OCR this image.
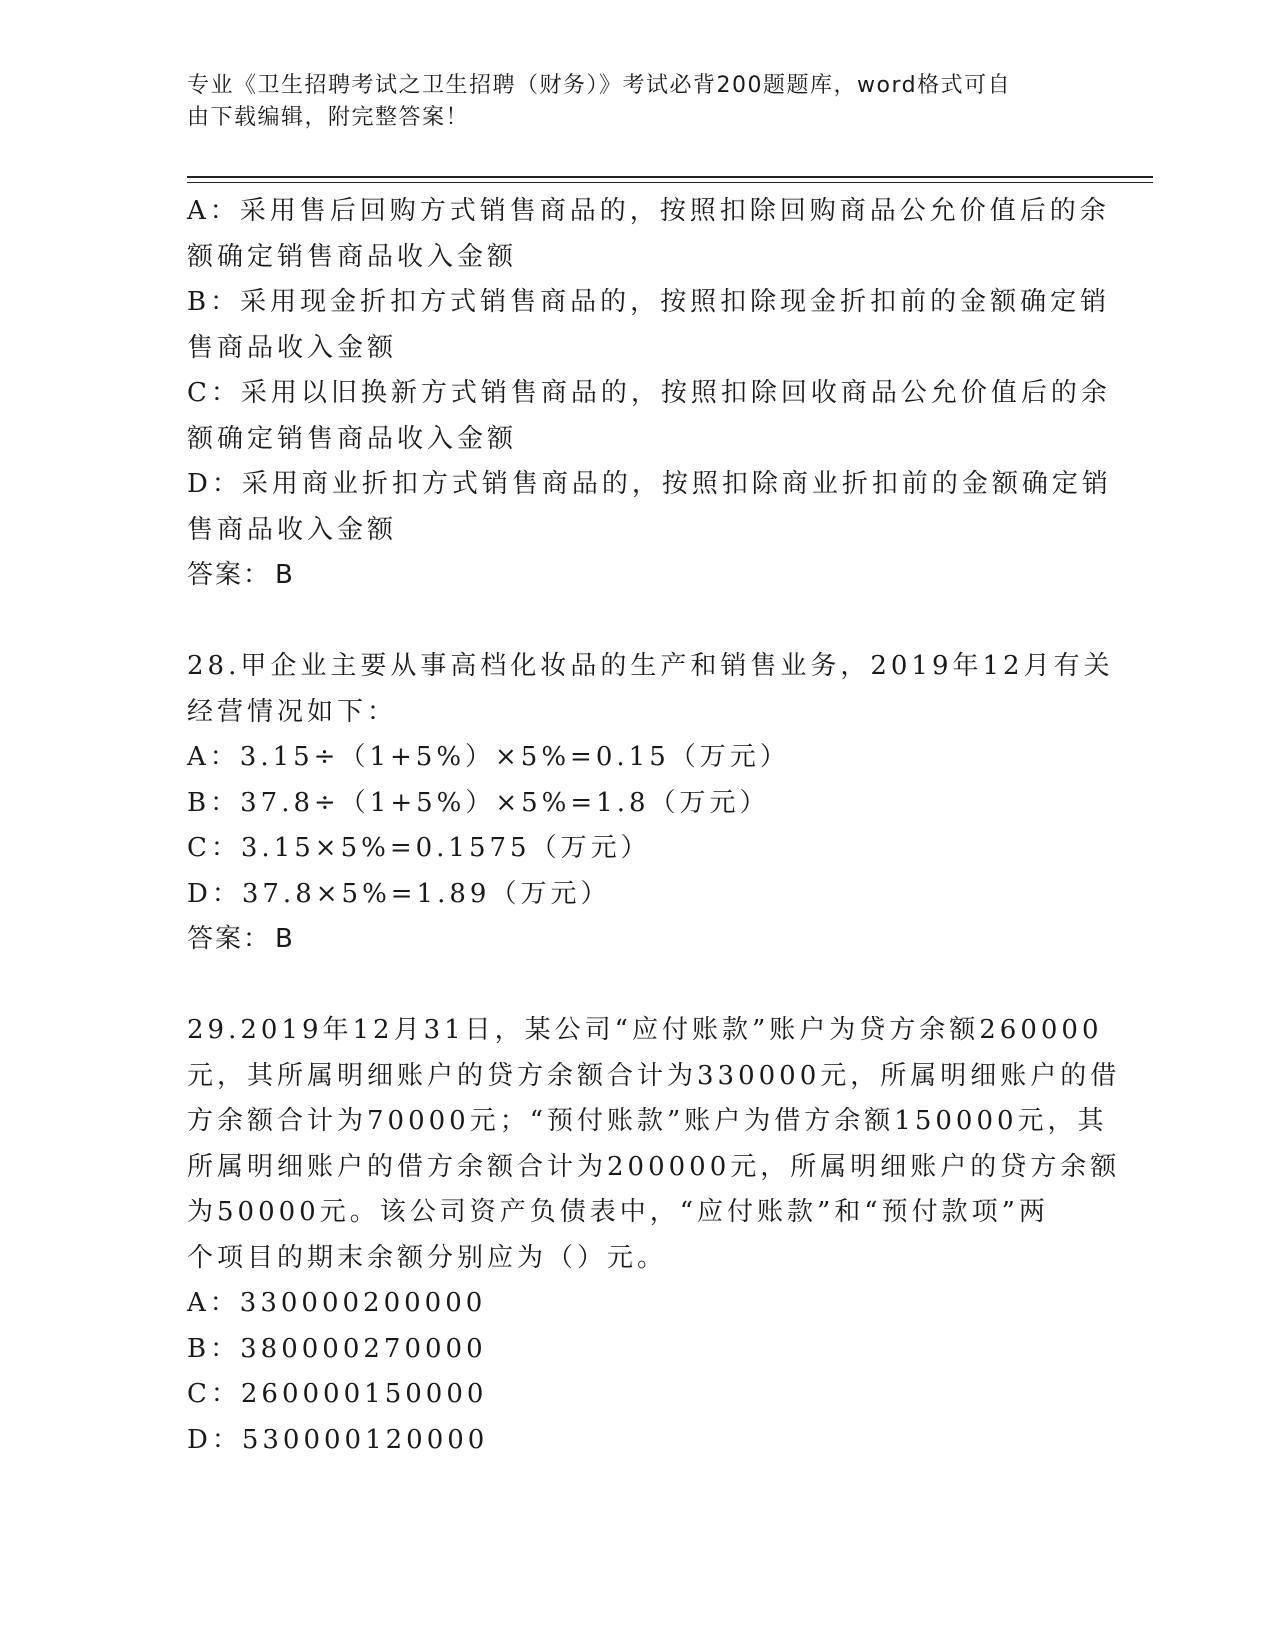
专业《卫生招聘考试之卫生招聘（财务）》考试必背200题题库，word格式可自
由下载编辑，附完整答案！
A：采用售后回购方式销售商品的，按照扣除回购商品公允价值后的余
额确定销售商品收入金额
B：采用现金折扣方式销售商品的，按照扣除现金折扣前的金额确定销
售商品收入金额
C：采用以旧换新方式销售商品的，按照扣除回收商品公允价值后的余
额确定销售商品收入金额
D：采用商业折扣方式销售商品的，按照扣除商业折扣前的金额确定销
售商品收入金额
答案： B
28.甲企业主要从事高档化妆品的生产和销售业务，2019年12月有关
经营情况如下：
A：3.15÷（1+5%）×5%=0.15（万元）
B：37.8÷（1+5%）×5%=1.8（万元）
C：3.15×5%=0.1575（万元）
D：37.8×5%=1.89（万元）
答案： B
29.2019年12月31日，某公司“应付账款”账户为贷方余额260000
元，其所属明细账户的贷方余额合计为330000元，所属明细账户的借
方余额合计为70000元；“预付账款”账户为借方余额150000元，其
所属明细账户的借方余额合计为200000元，所属明细账户的贷方余额
为50000元。该公司资产负债表中，“应付账款”和“预付款项”两
个项目的期末余额分别应为（）元。
A：330000200000
B：380000270000
C：260000150000
D：530000120000
